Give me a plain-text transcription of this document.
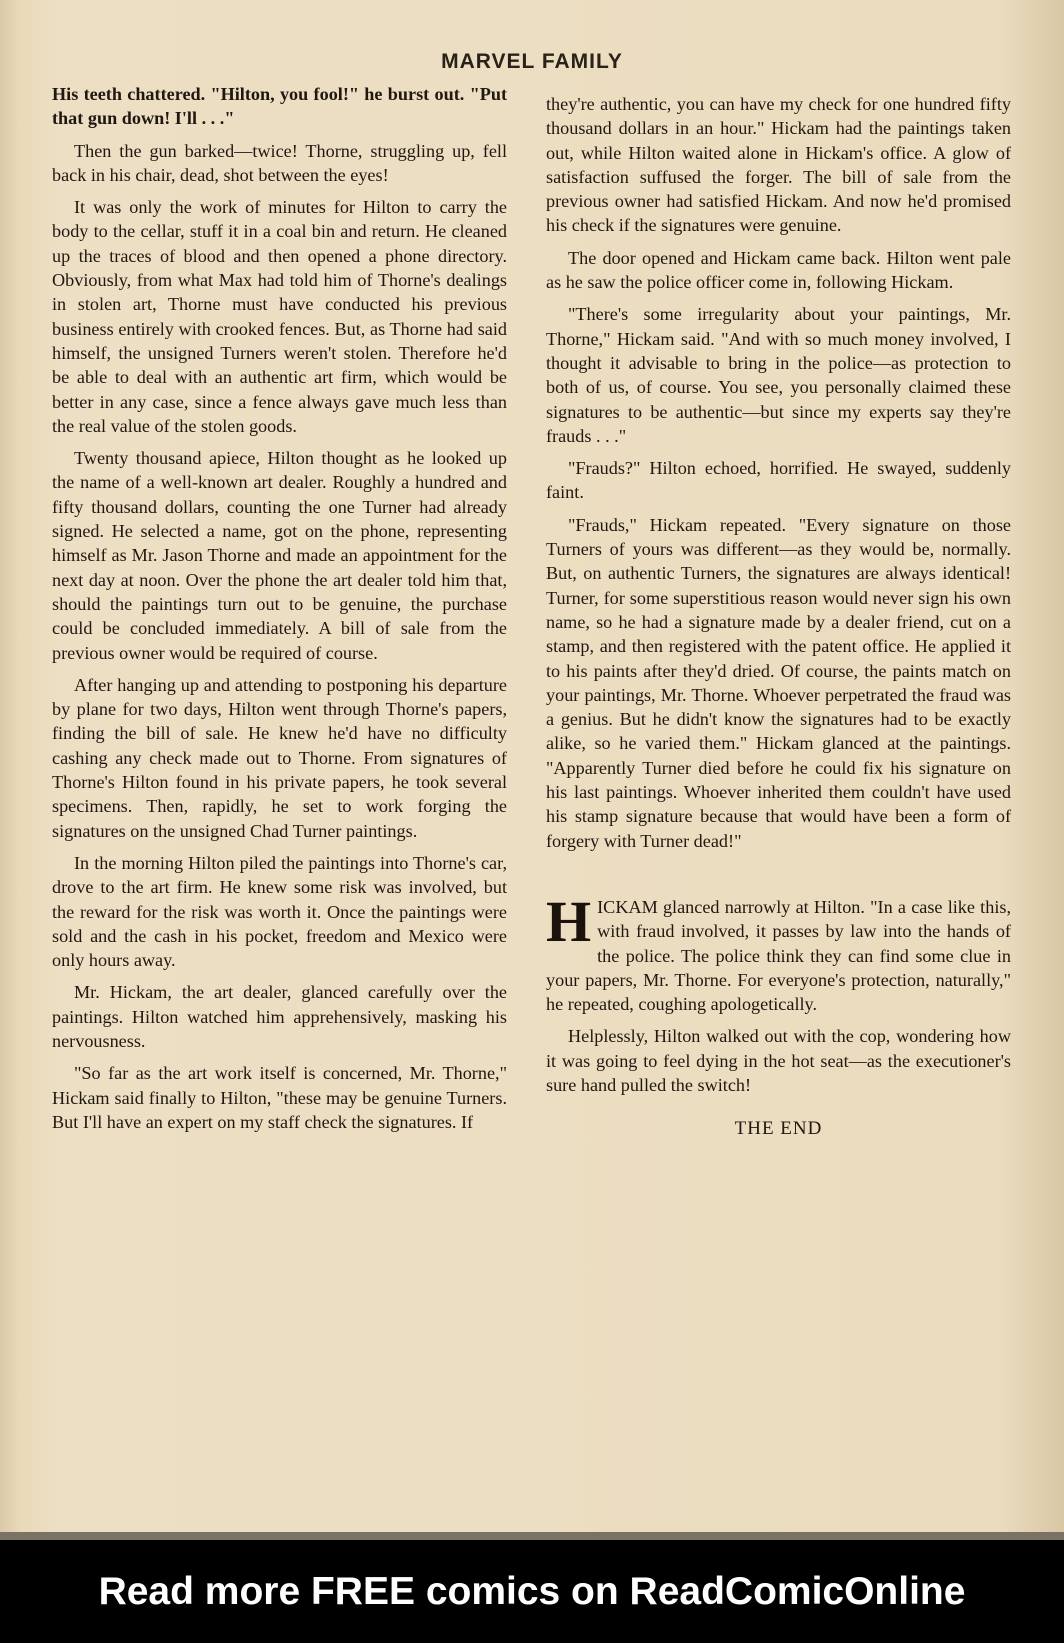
MARVEL FAMILY

His teeth chattered. "Hilton, you fool!" he burst out. "Put that gun down! I'll . . ."

Then the gun barked—twice! Thorne, struggling up, fell back in his chair, dead, shot between the eyes!

It was only the work of minutes for Hilton to carry the body to the cellar, stuff it in a coal bin and return. He cleaned up the traces of blood and then opened a phone directory. Obviously, from what Max had told him of Thorne's dealings in stolen art, Thorne must have conducted his previous business entirely with crooked fences. But, as Thorne had said himself, the unsigned Turners weren't stolen. Therefore he'd be able to deal with an authentic art firm, which would be better in any case, since a fence always gave much less than the real value of the stolen goods.

Twenty thousand apiece, Hilton thought as he looked up the name of a well-known art dealer. Roughly a hundred and fifty thousand dollars, counting the one Turner had already signed. He selected a name, got on the phone, representing himself as Mr. Jason Thorne and made an appointment for the next day at noon. Over the phone the art dealer told him that, should the paintings turn out to be genuine, the purchase could be concluded immediately. A bill of sale from the previous owner would be required of course.

After hanging up and attending to postponing his departure by plane for two days, Hilton went through Thorne's papers, finding the bill of sale. He knew he'd have no difficulty cashing any check made out to Thorne. From signatures of Thorne's Hilton found in his private papers, he took several specimens. Then, rapidly, he set to work forging the signatures on the unsigned Chad Turner paintings.

In the morning Hilton piled the paintings into Thorne's car, drove to the art firm. He knew some risk was involved, but the reward for the risk was worth it. Once the paintings were sold and the cash in his pocket, freedom and Mexico were only hours away.

Mr. Hickam, the art dealer, glanced carefully over the paintings. Hilton watched him apprehensively, masking his nervousness.

"So far as the art work itself is concerned, Mr. Thorne," Hickam said finally to Hilton, "these may be genuine Turners. But I'll have an expert on my staff check the signatures. If

they're authentic, you can have my check for one hundred fifty thousand dollars in an hour." Hickam had the paintings taken out, while Hilton waited alone in Hickam's office. A glow of satisfaction suffused the forger. The bill of sale from the previous owner had satisfied Hickam. And now he'd promised his check if the signatures were genuine.

The door opened and Hickam came back. Hilton went pale as he saw the police officer come in, following Hickam.

"There's some irregularity about your paintings, Mr. Thorne," Hickam said. "And with so much money involved, I thought it advisable to bring in the police—as protection to both of us, of course. You see, you personally claimed these signatures to be authentic—but since my experts say they're frauds . . ."

"Frauds?" Hilton echoed, horrified. He swayed, suddenly faint.

"Frauds," Hickam repeated. "Every signature on those Turners of yours was different—as they would be, normally. But, on authentic Turners, the signatures are always identical! Turner, for some superstitious reason would never sign his own name, so he had a signature made by a dealer friend, cut on a stamp, and then registered with the patent office. He applied it to his paints after they'd dried. Of course, the paints match on your paintings, Mr. Thorne. Whoever perpetrated the fraud was a genius. But he didn't know the signatures had to be exactly alike, so he varied them." Hickam glanced at the paintings. "Apparently Turner died before he could fix his signature on his last paintings. Whoever inherited them couldn't have used his stamp signature because that would have been a form of forgery with Turner dead!"

HICKAM glanced narrowly at Hilton. "In a case like this, with fraud involved, it passes by law into the hands of the police. The police think they can find some clue in your papers, Mr. Thorne. For everyone's protection, naturally," he repeated, coughing apologetically.

Helplessly, Hilton walked out with the cop, wondering how it was going to feel dying in the hot seat—as the executioner's sure hand pulled the switch!

THE END
Read more FREE comics on ReadComicOnline
